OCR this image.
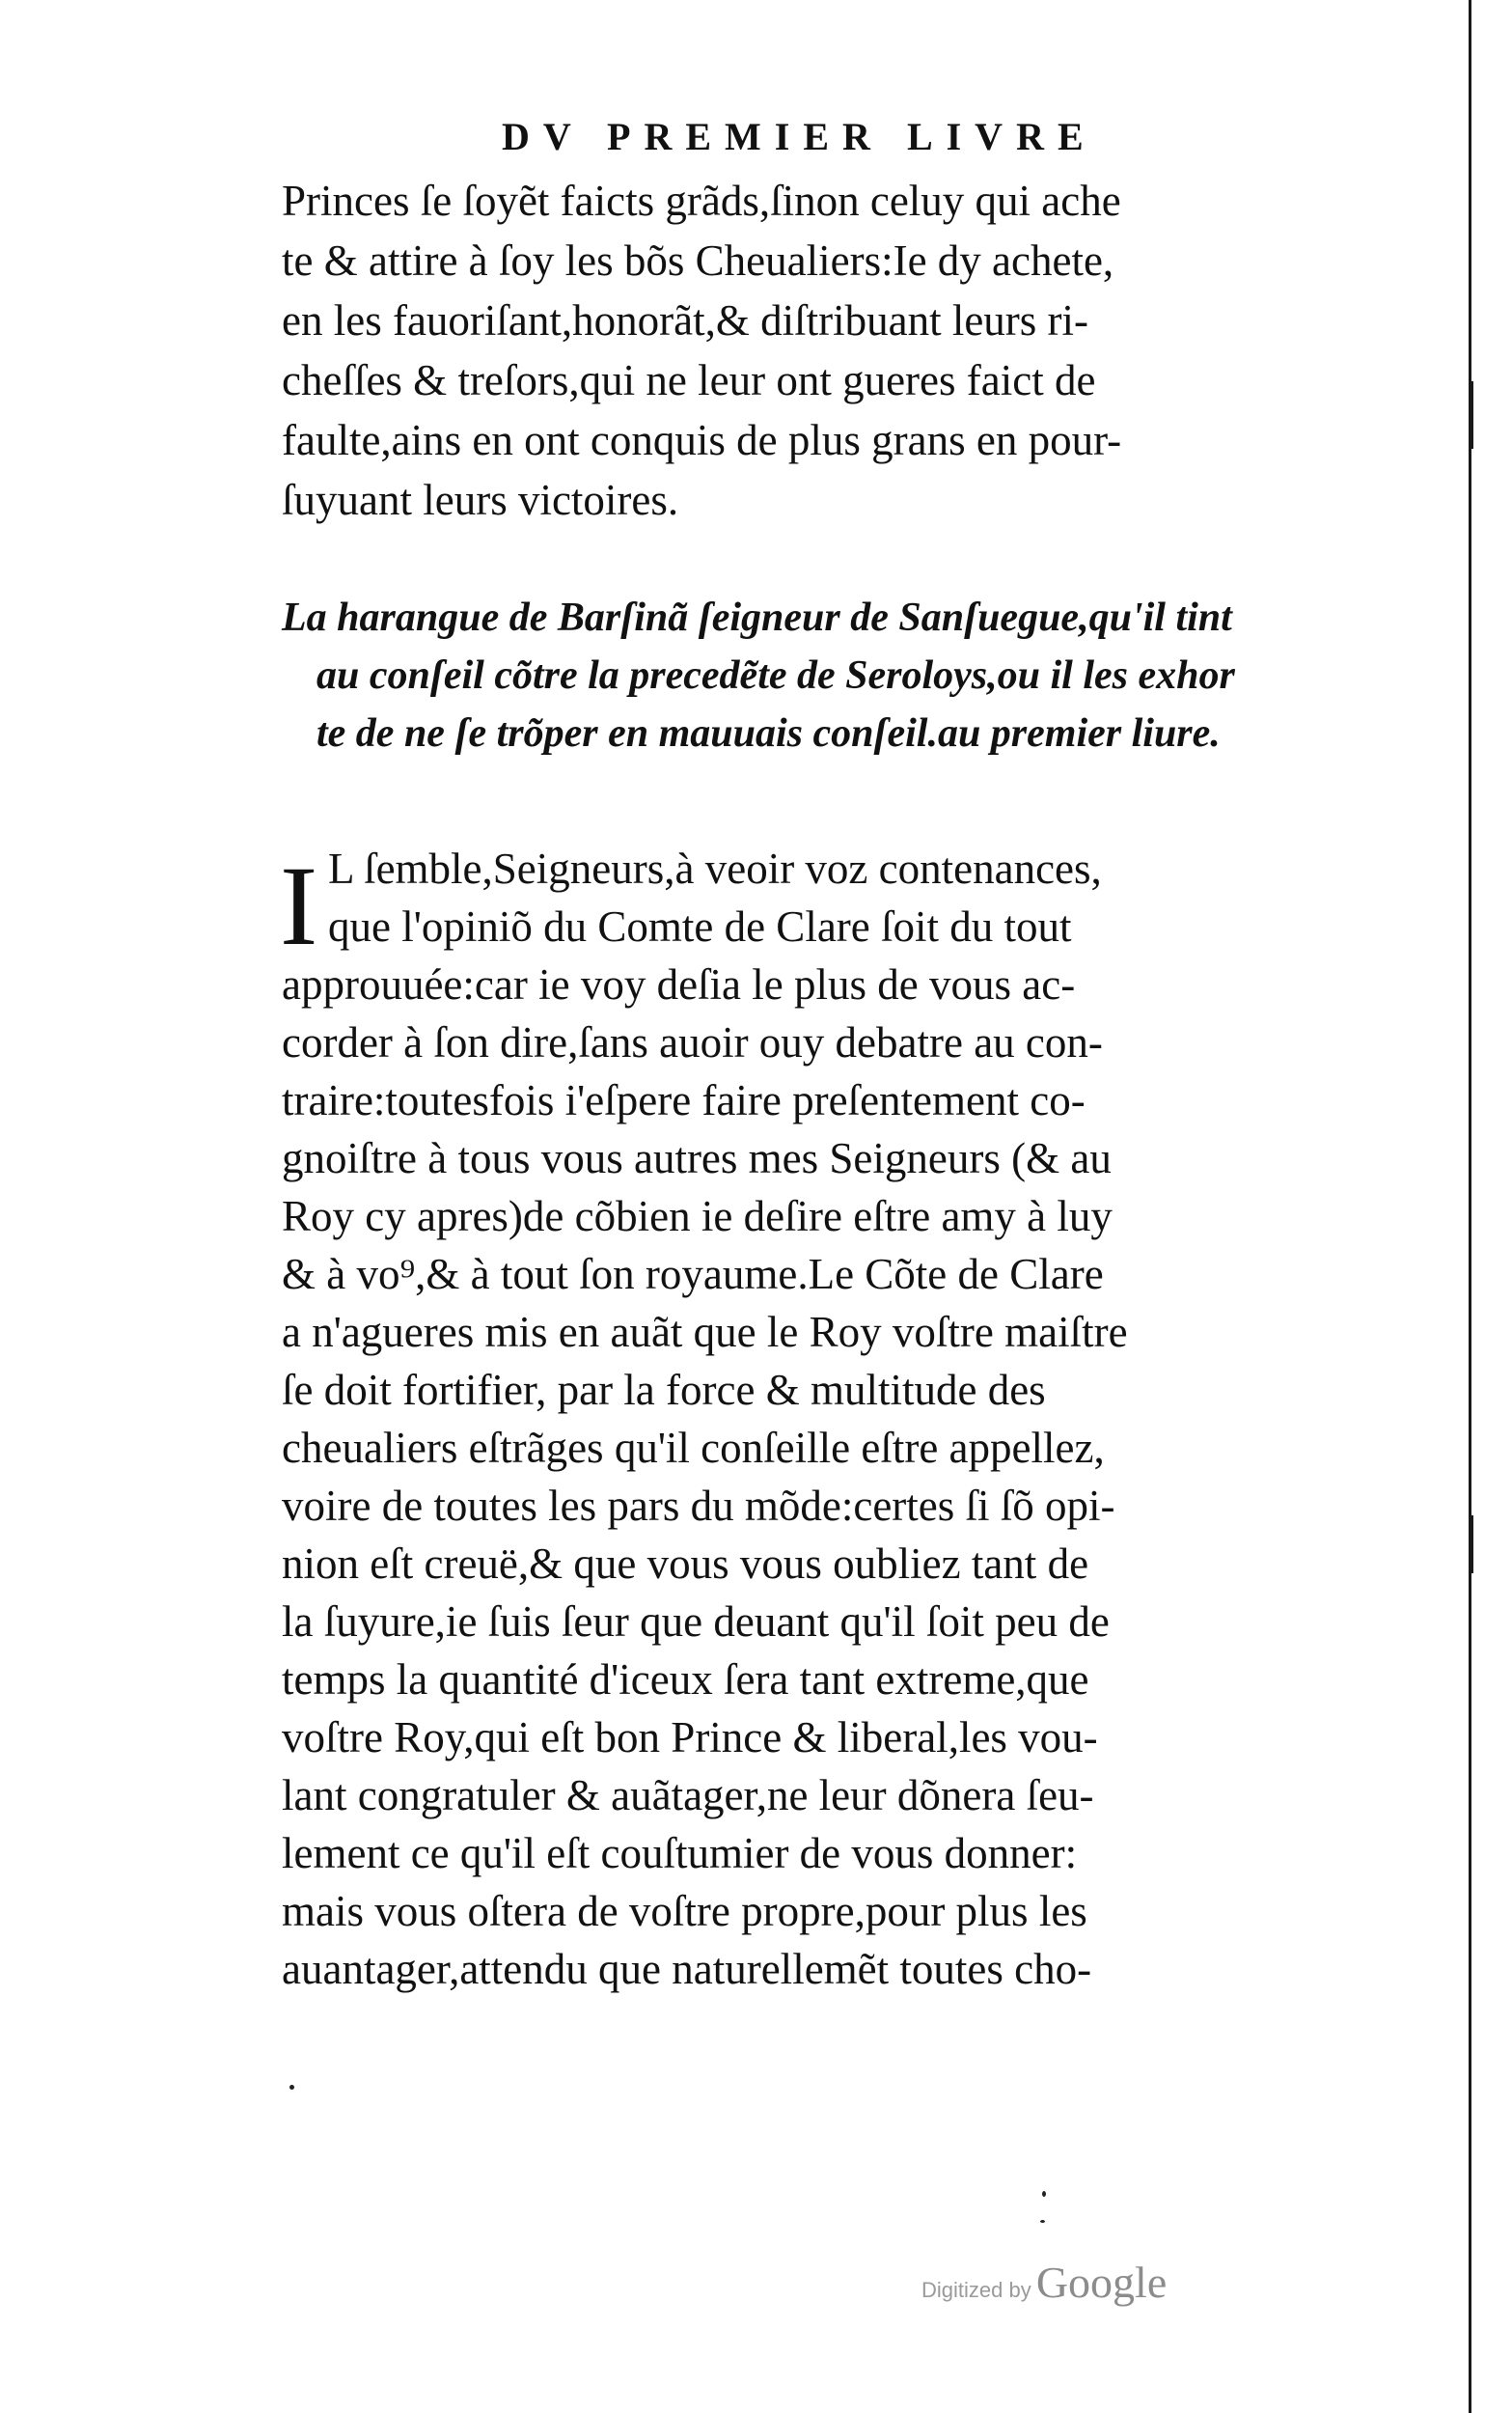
DV PREMIER LIVRE
Princes ſe ſoyẽt faicts grãds,ſinon celuy qui ache
te & attire à ſoy les bõs Cheualiers:Ie dy achete,
en les fauoriſant,honorãt,& diſtribuant leurs ri-
cheſſes & treſors,qui ne leur ont gueres faict de
faulte,ains en ont conquis de plus grans en pour-
ſuyuant leurs victoires.
La harangue de Barſinã ſeigneur de Sanſuegue,qu'il tint
au conſeil cõtre la precedẽte de Seroloys,ou il les exhor
te de ne ſe trõper en mauuais conſeil.au premier liure.
I L ſemble,Seigneurs,à veoir voz contenances,
que l'opiniõ du Comte de Clare ſoit du tout
approuuée:car ie voy deſia le plus de vous ac-
corder à ſon dire,ſans auoir ouy debatre au con-
traire:toutesfois i'eſpere faire preſentement co-
gnoiſtre à tous vous autres mes Seigneurs (& au
Roy cy apres)de cõbien ie deſire eſtre amy à luy
& à vo⁹,& à tout ſon royaume.Le Cõte de Clare
a n'agueres mis en auãt que le Roy voſtre maiſtre
ſe doit fortifier, par la force & multitude des
cheualiers eſtrãges qu'il conſeille eſtre appellez,
voire de toutes les pars du mõde:certes ſi ſõ opi-
nion eſt creuë,& que vous vous oubliez tant de
la ſuyure,ie ſuis ſeur que deuant qu'il ſoit peu de
temps la quantité d'iceux ſera tant extreme,que
voſtre Roy,qui eſt bon Prince & liberal,les vou-
lant congratuler & auãtager,ne leur dõnera ſeu-
lement ce qu'il eſt couſtumier de vous donner:
mais vous oſtera de voſtre propre,pour plus les
auantager,attendu que naturellemẽt toutes cho-
Digitized by Google
